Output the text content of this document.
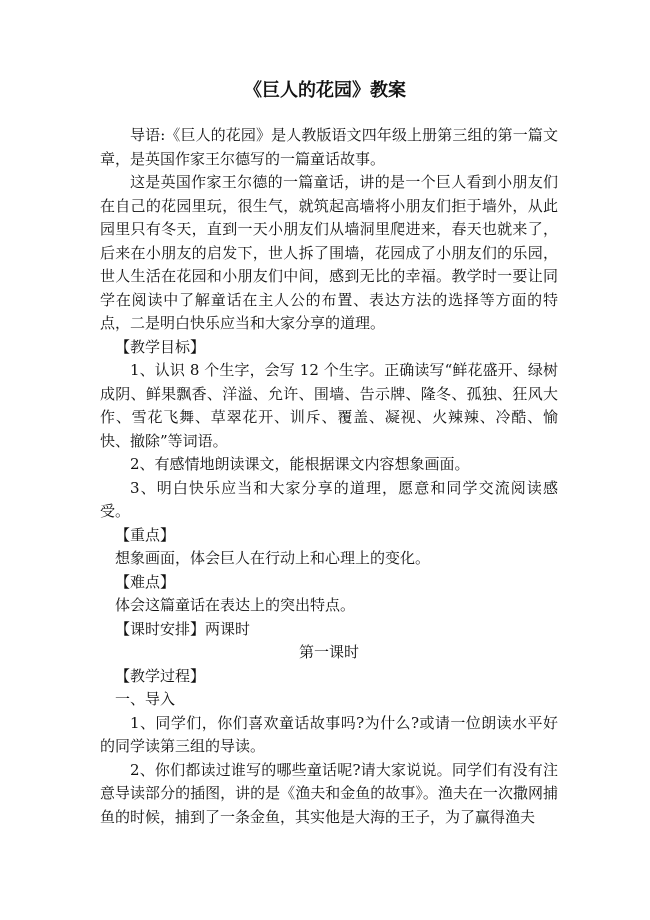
《巨人的花园》教案

导语:《巨人的花园》是人教版语文四年级上册第三组的第一篇文章，是英国作家王尔德写的一篇童话故事。

这是英国作家王尔德的一篇童话，讲的是一个巨人看到小朋友们在自己的花园里玩，很生气，就筑起高墙将小朋友们拒于墙外，从此园里只有冬天，直到一天小朋友们从墙洞里爬进来，春天也就来了，后来在小朋友的启发下，世人拆了围墙，花园成了小朋友们的乐园，世人生活在花园和小朋友们中间，感到无比的幸福。教学时一要让同学在阅读中了解童话在主人公的布置、表达方法的选择等方面的特点，二是明白快乐应当和大家分享的道理。

【教学目标】

1、认识 8 个生字，会写 12 个生字。正确读写“鲜花盛开、绿树成阴、鲜果飘香、洋溢、允许、围墙、告示牌、隆冬、孤独、狂风大作、雪花飞舞、草翠花开、训斥、覆盖、凝视、火辣辣、冷酷、愉快、撤除”等词语。

2、有感情地朗读课文，能根据课文内容想象画面。

3、明白快乐应当和大家分享的道理，愿意和同学交流阅读感受。

【重点】

想象画面，体会巨人在行动上和心理上的变化。

【难点】

体会这篇童话在表达上的突出特点。

【课时安排】两课时

第一课时

【教学过程】

一、导入

1、同学们，你们喜欢童话故事吗?为什么?或请一位朗读水平好的同学读第三组的导读。

2、你们都读过谁写的哪些童话呢?请大家说说。同学们有没有注意导读部分的插图，讲的是《渔夫和金鱼的故事》。渔夫在一次撒网捕鱼的时候，捕到了一条金鱼，其实他是大海的王子，为了赢得渔夫
